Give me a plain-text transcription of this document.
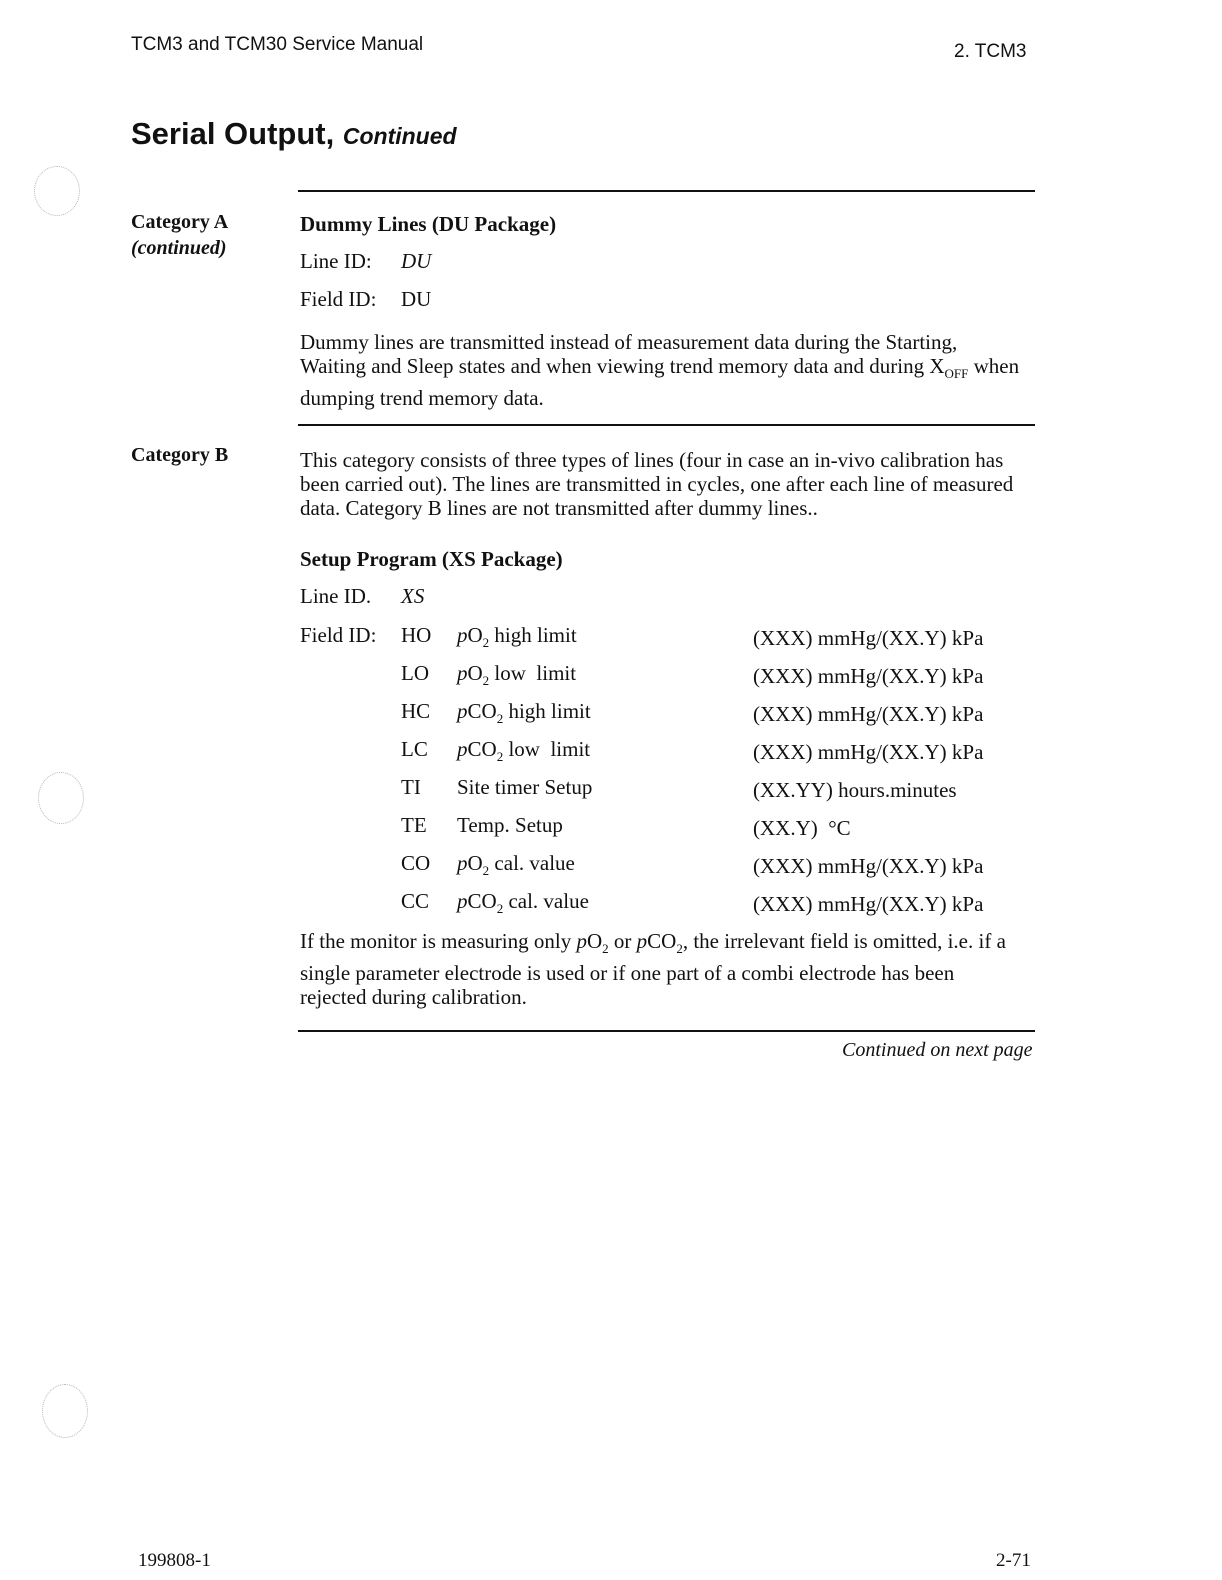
TCM3 and TCM30 Service Manual	2. TCM3
Serial Output, Continued
Category A
(continued)
Dummy Lines (DU Package)
Line ID: DU
Field ID: DU
Dummy lines are transmitted instead of measurement data during the Starting, Waiting and Sleep states and when viewing trend memory data and during $X_{OFF}$ when dumping trend memory data.
Category B	This category consists of three types of lines (four in case an in-vivo calibration has been carried out). The lines are transmitted in cycles, one after each line of measured data. Category B lines are not transmitted after dummy lines..
Setup Program (XS Package)
Line ID. XS
Field ID: HO $pO_2$ high limit	(XXX) mmHg/(XX.Y) kPa
LO $pO_2$ low  limit	(XXX) mmHg/(XX.Y) kPa
HC pCO$_2$ high limit	(XXX) mmHg/(XX.Y) kPa
LC pCO$_2$ low  limit	(XXX) mmHg/(XX.Y) kPa
TI Site timer Setup	(XX.YY) hours.minutes
TE Temp. Setup	(XX.Y)  °C
CO $pO_2$ cal. value	(XXX) mmHg/(XX.Y) kPa
CC pCO$_2$ cal. value	(XXX) mmHg/(XX.Y) kPa
If the monitor is measuring only $pO_2$ or pCO$_2$, the irrelevant field is omitted, i.e. if a single parameter electrode is used or if one part of a combi electrode has been rejected during calibration.
Continued on next page
199808-1	2-71
